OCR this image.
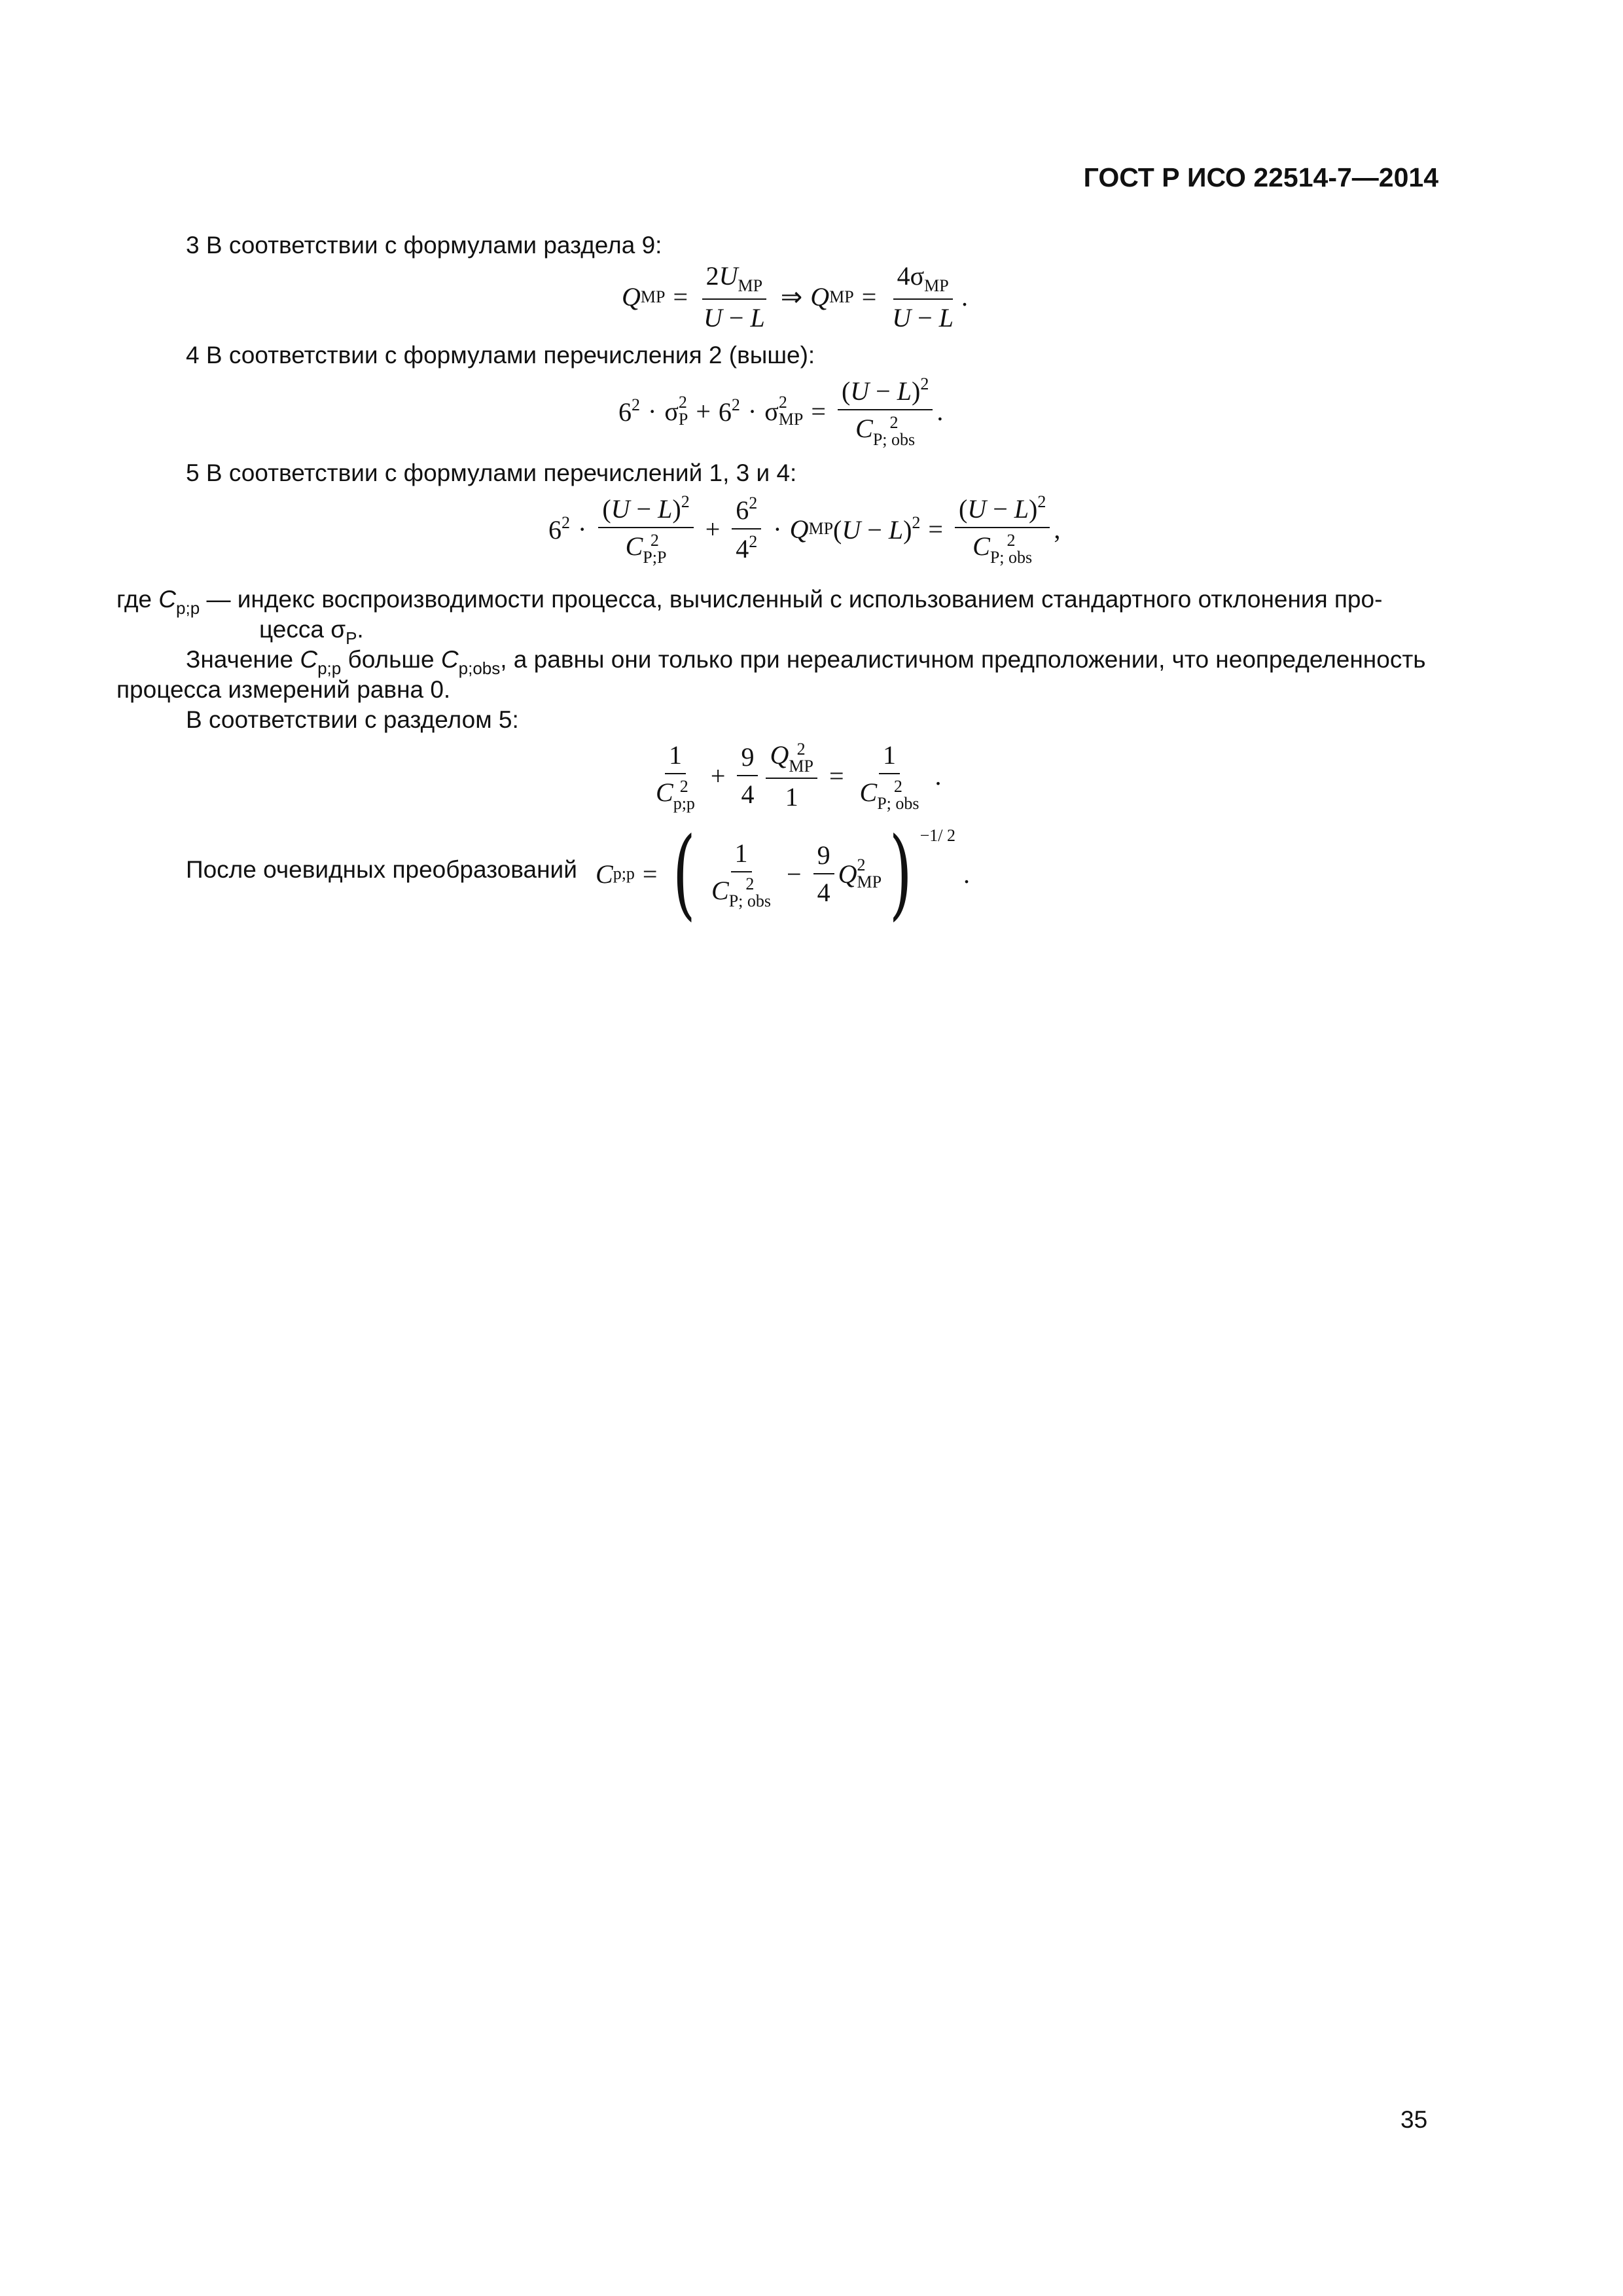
ГОСТ Р ИСО 22514-7—2014
3 В соответствии с формулами раздела 9:
Q MP = $\frac{2U_{MP}}{U - L}$ ⇒ Q MP = $\frac{4\sigma_{MP}}{U - L}$ .
4 В соответствии с формулами перечисления 2 (выше):
$6^2 \cdot \sigma$ 2
$P + 6^2 \cdot \sigma$ 2
MP = $(U - L)^2$
C 2
P; obs .
5 В соответствии с формулами перечислений 1, 3 и 4:
$6^2 \cdot (U - L)^2$
C 2
P;P + $\frac{6^2}{4^2} \cdot Q$ MP $(U - L)^2 = (U - L)^2$
C 2
P; obs ,
где $C_{p;p}$ — индекс воспроизводимости процесса, вычисленный с использованием стандартного отклонения про-
цесса $\sigma_P$.
Значение $C_{p;p}$ больше $C_{p;obs}$, а равны они только при нереалистичном предположении, что неопределенность
процесса измерений равна 0.
В соответствии с разделом 5:
1
C 2
p;p + $\frac{9}{4}$ Q 2
MP
1 = 1
C 2
P; obs .
После очевидных преобразований C p;p = ( 1
C 2
P; obs − $\frac{9}{4}$ Q 2
MP ) −1/ 2
.
35
